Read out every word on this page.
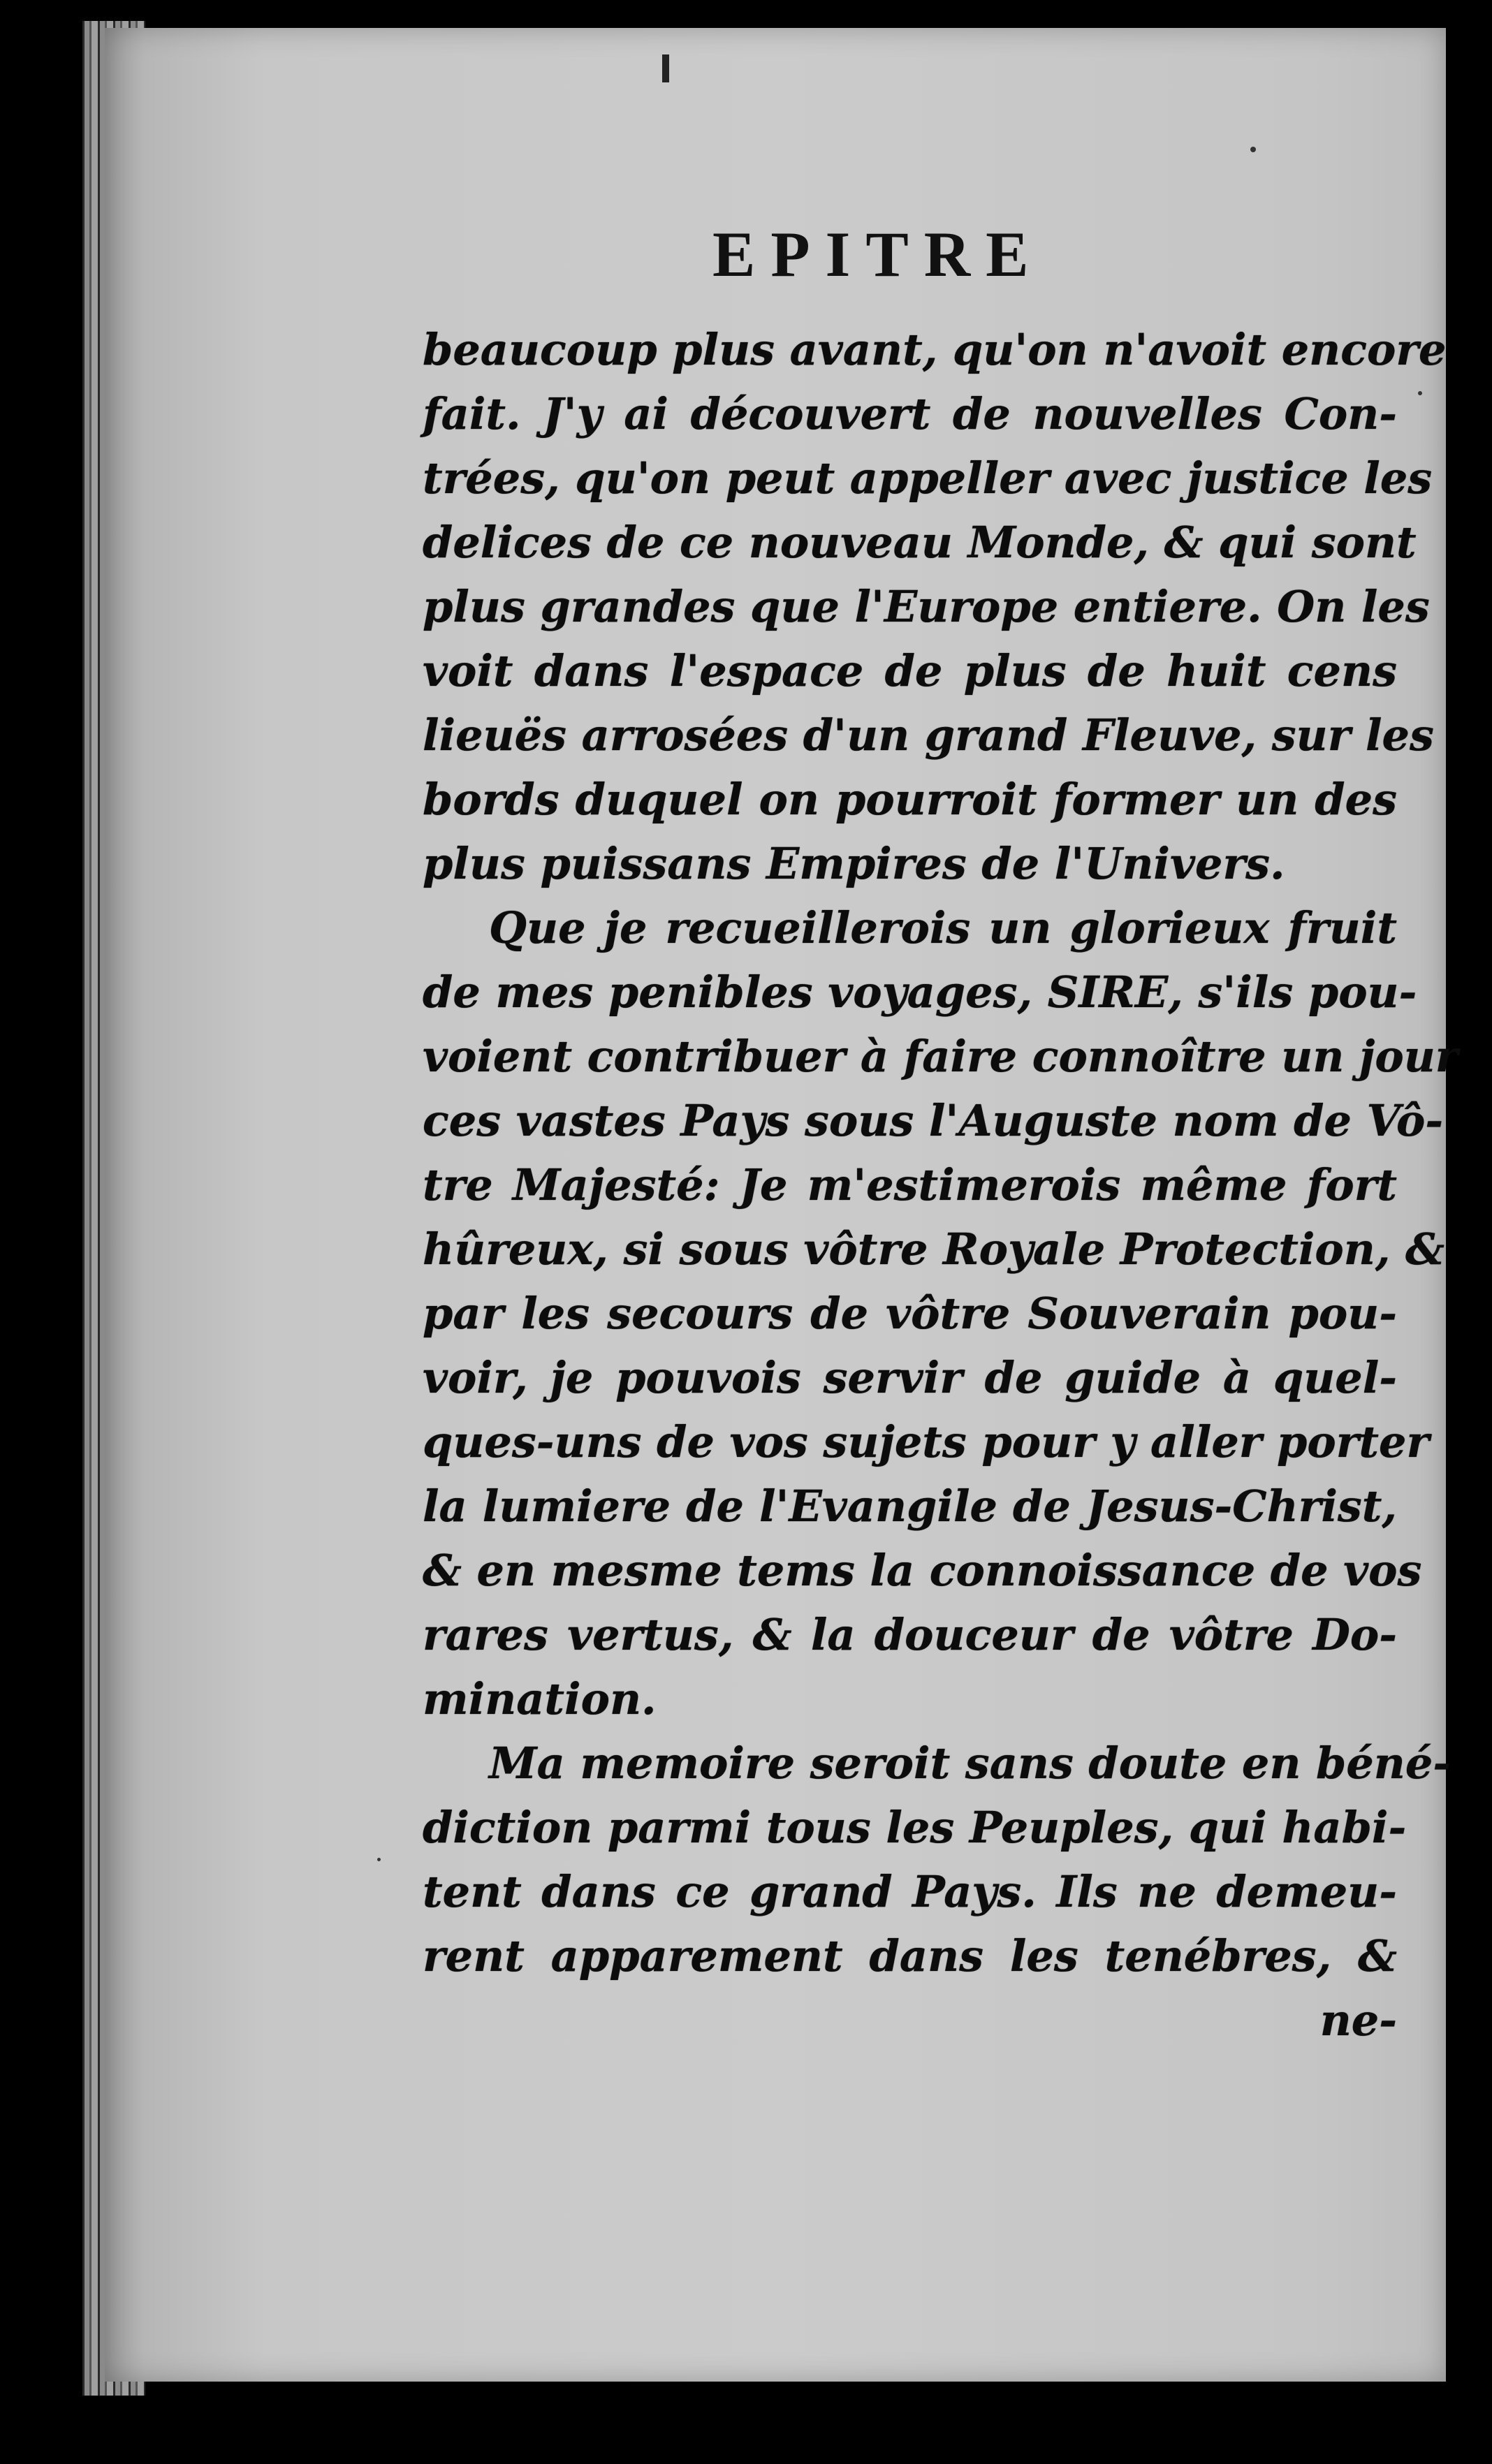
EPITRE
beaucoup plus avant, qu'on n'avoit encore
fait. J'y ai découvert de nouvelles Con-
trées, qu'on peut appeller avec justice les
delices de ce nouveau Monde, & qui sont
plus grandes que l'Europe entiere. On les
voit dans l'espace de plus de huit cens
lieuës arrosées d'un grand Fleuve, sur les
bords duquel on pourroit former un des
plus puissans Empires de l'Univers.
Que je recueillerois un glorieux fruit
de mes penibles voyages, SIRE, s'ils pou-
voient contribuer à faire connoître un jour
ces vastes Pays sous l'Auguste nom de Vô-
tre Majesté: Je m'estimerois même fort
hûreux, si sous vôtre Royale Protection, &
par les secours de vôtre Souverain pou-
voir, je pouvois servir de guide à quel-
ques-uns de vos sujets pour y aller porter
la lumiere de l'Evangile de Jesus-Christ,
& en mesme tems la connoissance de vos
rares vertus, & la douceur de vôtre Do-
mination.
Ma memoire seroit sans doute en béné-
diction parmi tous les Peuples, qui habi-
tent dans ce grand Pays. Ils ne demeu-
rent apparement dans les tenébres, &
ne-
